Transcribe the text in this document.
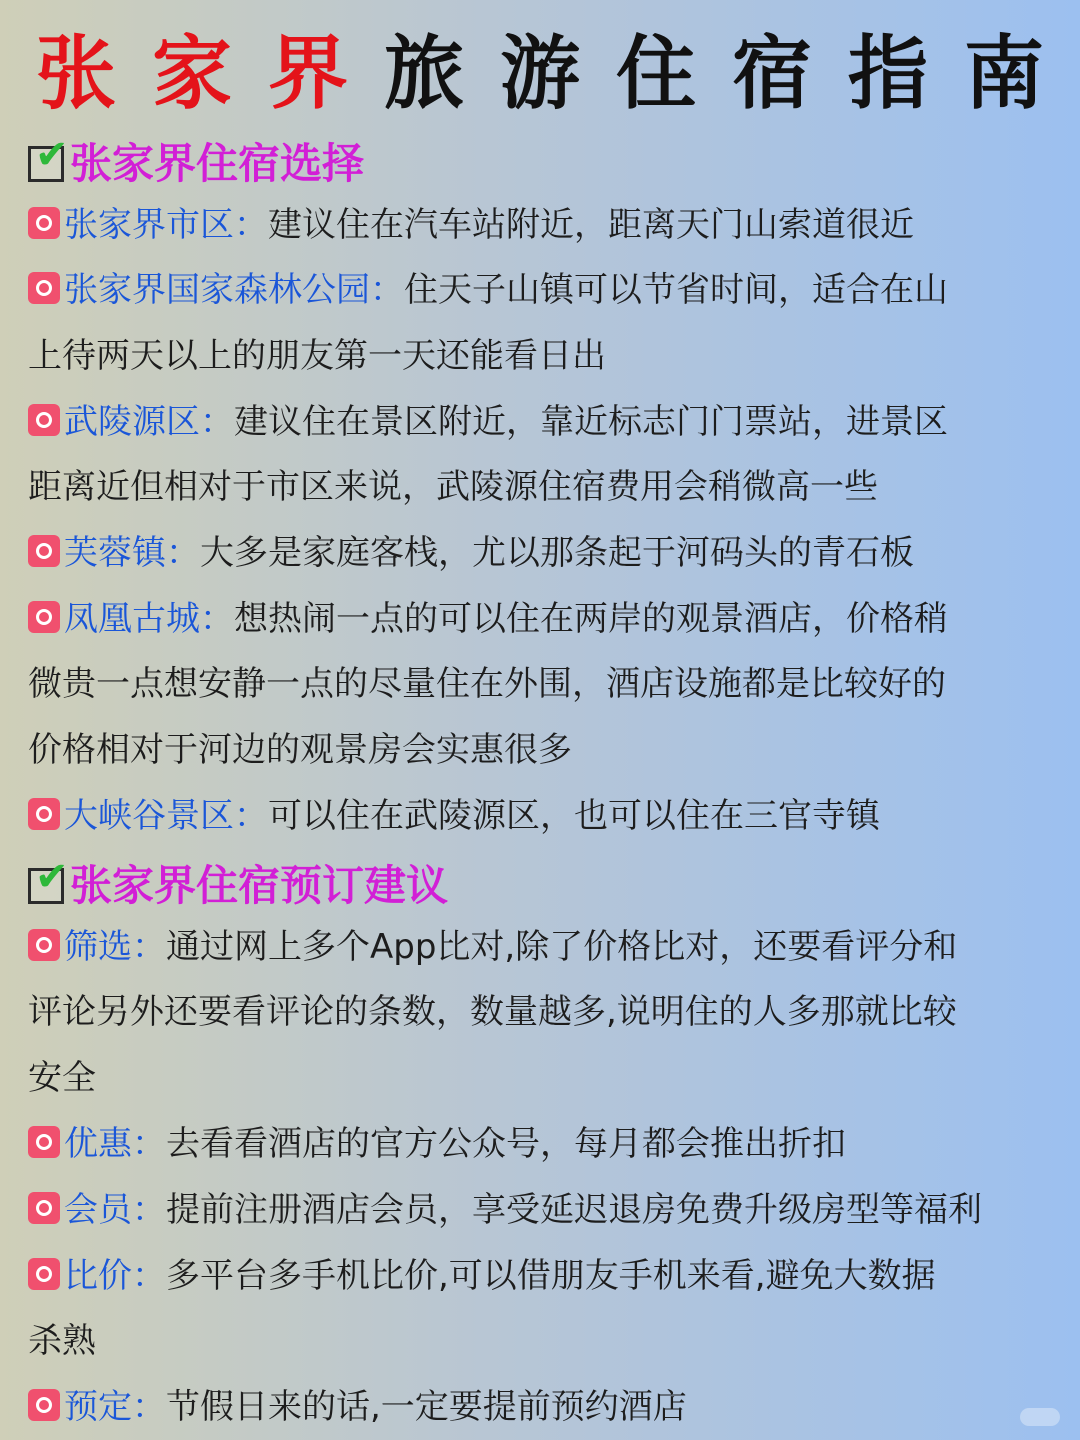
张 家 界 旅 游 住 宿 指 南
✔ 张家界住宿选择
张家界市区：建议住在汽车站附近，距离天门山索道很近
张家界国家森林公园：住天子山镇可以节省时间，适合在山
上待两天以上的朋友第一天还能看日出
武陵源区：建议住在景区附近，靠近标志门门票站，进景区
距离近但相对于市区来说，武陵源住宿费用会稍微高一些
芙蓉镇：大多是家庭客栈，尤以那条起于河码头的青石板
凤凰古城：想热闹一点的可以住在两岸的观景酒店，价格稍
微贵一点想安静一点的尽量住在外围，酒店设施都是比较好的
价格相对于河边的观景房会实惠很多
大峡谷景区：可以住在武陵源区，也可以住在三官寺镇
✔ 张家界住宿预订建议
筛选：通过网上多个App比对,除了价格比对，还要看评分和
评论另外还要看评论的条数，数量越多,说明住的人多那就比较
安全
优惠：去看看酒店的官方公众号，每月都会推出折扣
会员：提前注册酒店会员，享受延迟退房免费升级房型等福利
比价：多平台多手机比价,可以借朋友手机来看,避免大数据
杀熟
预定：节假日来的话,一定要提前预约酒店
